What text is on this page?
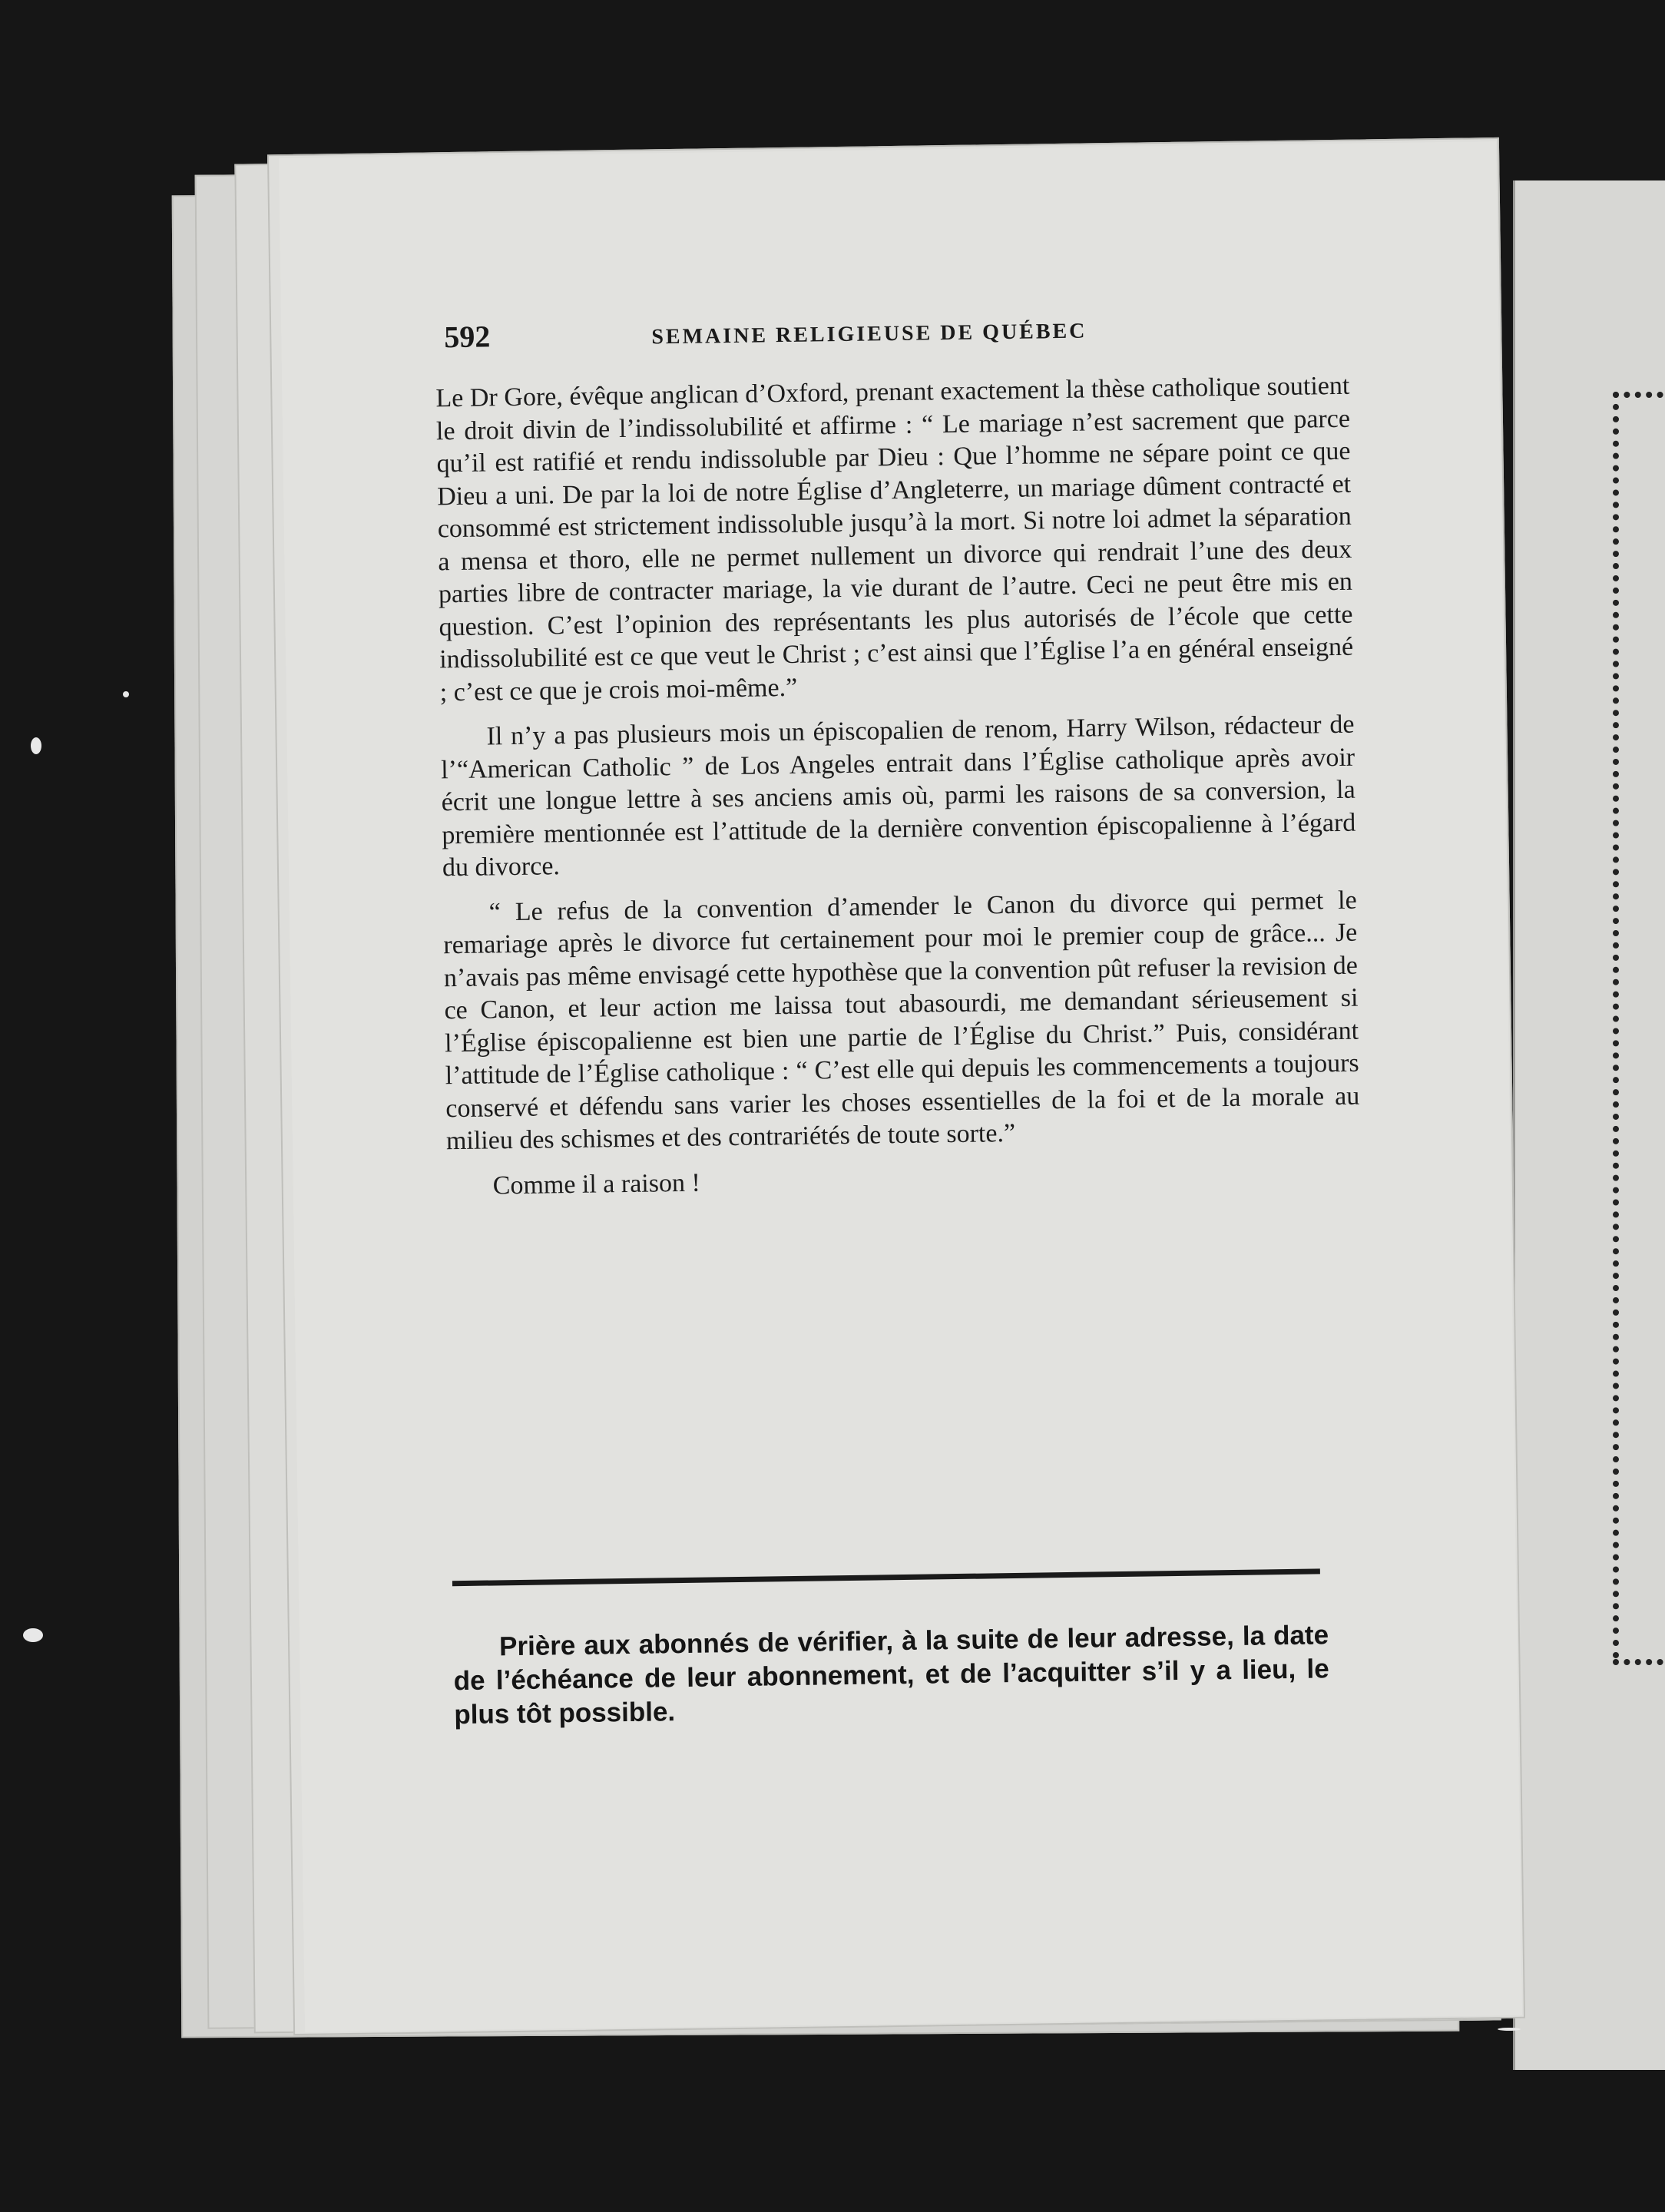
592	SEMAINE RELIGIEUSE DE QUÉBEC

Le Dr Gore, évêque anglican d’Oxford, prenant exactement la thèse catholique soutient le droit divin de l’indissolubilité et affirme : “ Le mariage n’est sacrement que parce qu’il est ratifié et rendu indissoluble par Dieu : Que l’homme ne sépare point ce que Dieu a uni. De par la loi de notre Église d’Angleterre, un mariage dûment contracté et consommé est strictement indissoluble jusqu’à la mort. Si notre loi admet la séparation a mensa et thoro, elle ne permet nullement un divorce qui rendrait l’une des deux parties libre de contracter mariage, la vie durant de l’autre. Ceci ne peut être mis en question. C’est l’opinion des représentants les plus autorisés de l’école que cette indissolubilité est ce que veut le Christ ; c’est ainsi que l’Église l’a en général enseigné ; c’est ce que je crois moi-même.”

Il n’y a pas plusieurs mois un épiscopalien de renom, Harry Wilson, rédacteur de l’“American Catholic ” de Los Angeles entrait dans l’Église catholique après avoir écrit une longue lettre à ses anciens amis où, parmi les raisons de sa conversion, la première mentionnée est l’attitude de la dernière convention épiscopalienne à l’égard du divorce.

“ Le refus de la convention d’amender le Canon du divorce qui permet le remariage après le divorce fut certainement pour moi le premier coup de grâce... Je n’avais pas même envisagé cette hypothèse que la convention pût refuser la revision de ce Canon, et leur action me laissa tout abasourdi, me demandant sérieusement si l’Église épiscopalienne est bien une partie de l’Église du Christ.” Puis, considérant l’attitude de l’Église catholique : “ C’est elle qui depuis les commencements a toujours conservé et défendu sans varier les choses essentielles de la foi et de la morale au milieu des schismes et des contrariétés de toute sorte.”

Comme il a raison !

Prière aux abonnés de vérifier, à la suite de leur adresse, la date de l’échéance de leur abonnement, et de l’acquitter s’il y a lieu, le plus tôt possible.
